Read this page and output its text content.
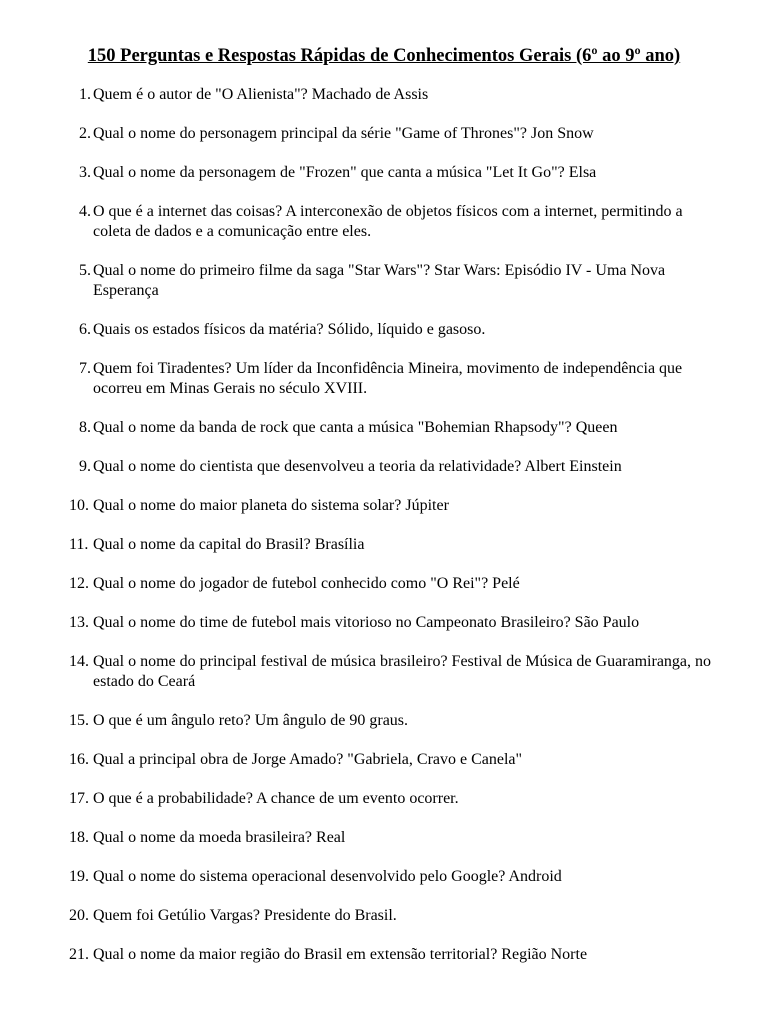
150 Perguntas e Respostas Rápidas de Conhecimentos Gerais (6º ao 9º ano)
1. Quem é o autor de "O Alienista"? Machado de Assis
2. Qual o nome do personagem principal da série "Game of Thrones"? Jon Snow
3. Qual o nome da personagem de "Frozen" que canta a música "Let It Go"? Elsa
4. O que é a internet das coisas? A interconexão de objetos físicos com a internet, permitindo a coleta de dados e a comunicação entre eles.
5. Qual o nome do primeiro filme da saga "Star Wars"? Star Wars: Episódio IV - Uma Nova Esperança
6. Quais os estados físicos da matéria? Sólido, líquido e gasoso.
7. Quem foi Tiradentes? Um líder da Inconfidência Mineira, movimento de independência que ocorreu em Minas Gerais no século XVIII.
8. Qual o nome da banda de rock que canta a música "Bohemian Rhapsody"? Queen
9. Qual o nome do cientista que desenvolveu a teoria da relatividade? Albert Einstein
10. Qual o nome do maior planeta do sistema solar? Júpiter
11. Qual o nome da capital do Brasil? Brasília
12. Qual o nome do jogador de futebol conhecido como "O Rei"? Pelé
13. Qual o nome do time de futebol mais vitorioso no Campeonato Brasileiro? São Paulo
14. Qual o nome do principal festival de música brasileiro? Festival de Música de Guaramiranga, no estado do Ceará
15. O que é um ângulo reto? Um ângulo de 90 graus.
16. Qual a principal obra de Jorge Amado? "Gabriela, Cravo e Canela"
17. O que é a probabilidade? A chance de um evento ocorrer.
18. Qual o nome da moeda brasileira? Real
19. Qual o nome do sistema operacional desenvolvido pelo Google? Android
20. Quem foi Getúlio Vargas? Presidente do Brasil.
21. Qual o nome da maior região do Brasil em extensão territorial? Região Norte
